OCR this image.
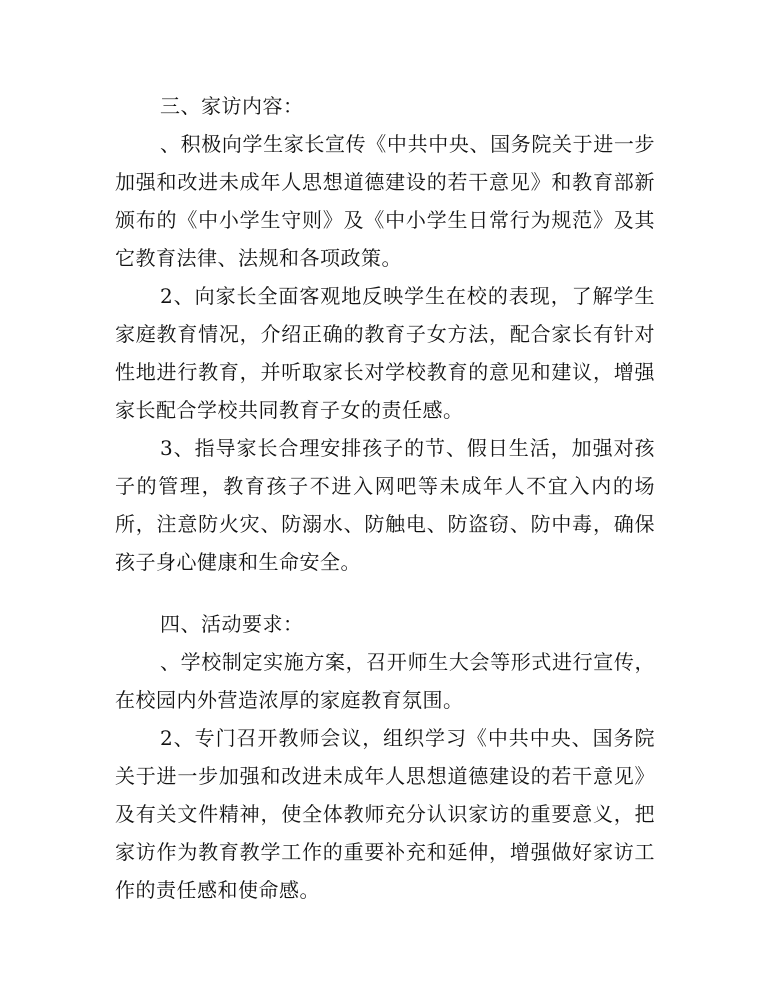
三、家访内容：

、积极向学生家长宣传《中共中央、国务院关于进一步加强和改进未成年人思想道德建设的若干意见》和教育部新颁布的《中小学生守则》及《中小学生日常行为规范》及其它教育法律、法规和各项政策。

2、向家长全面客观地反映学生在校的表现，了解学生家庭教育情况，介绍正确的教育子女方法，配合家长有针对性地进行教育，并听取家长对学校教育的意见和建议，增强家长配合学校共同教育子女的责任感。

3、指导家长合理安排孩子的节、假日生活，加强对孩子的管理，教育孩子不进入网吧等未成年人不宜入内的场所，注意防火灾、防溺水、防触电、防盗窃、防中毒，确保孩子身心健康和生命安全。

四、活动要求：

、学校制定实施方案，召开师生大会等形式进行宣传，在校园内外营造浓厚的家庭教育氛围。

2、专门召开教师会议，组织学习《中共中央、国务院关于进一步加强和改进未成年人思想道德建设的若干意见》及有关文件精神，使全体教师充分认识家访的重要意义，把家访作为教育教学工作的重要补充和延伸，增强做好家访工作的责任感和使命感。
